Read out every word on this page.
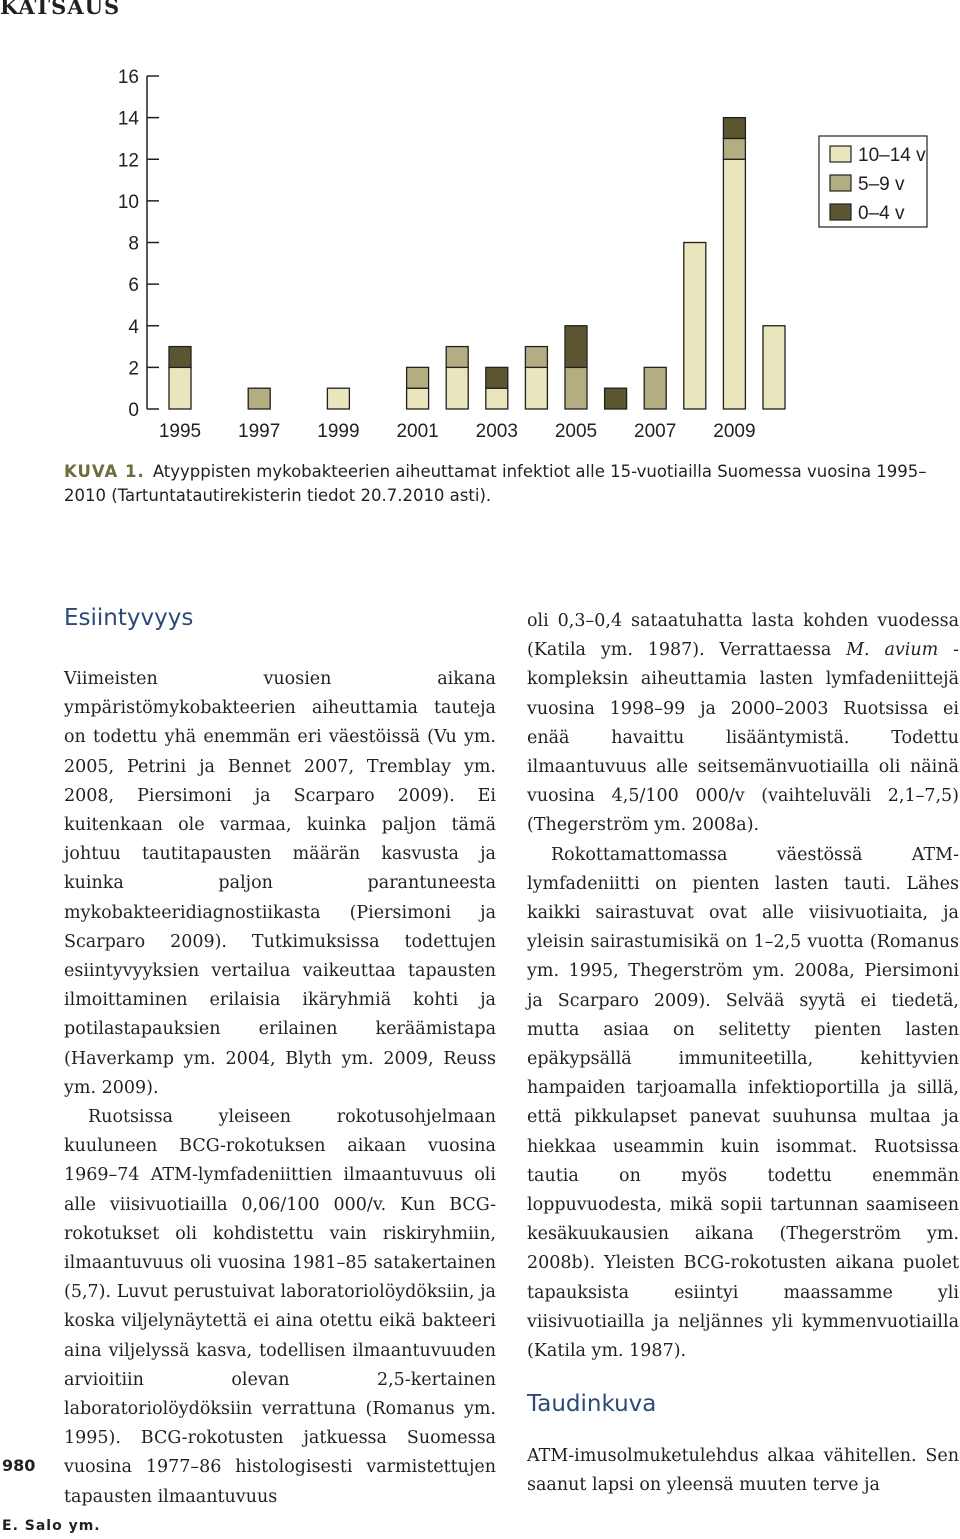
KATSAUS
0
2
4
6
8
10
12
14
16
1995 1997 1999 2001 2003 2005 2007 2009
10–14 v
5–9 v
0–4 v
KUVA 1. Atyyppisten mykobakteerien aiheuttamat infektiot alle 15-vuotiailla Suomessa vuosina 1995–2010 (Tartuntatautirekisterin tiedot 20.7.2010 asti).
Esiintyvyys

Viimeisten vuosien aikana ympäristömykobakteerien aiheuttamia tauteja on todettu yhä enemmän eri väestöissä (Vu ym. 2005, Petrini ja Bennet 2007, Tremblay ym. 2008, Piersimoni ja Scarparo 2009). Ei kuitenkaan ole varmaa, kuinka paljon tämä johtuu tautitapausten määrän kasvusta ja kuinka paljon parantuneesta mykobakteeridiagnostiikasta (Piersimoni ja Scarparo 2009). Tutkimuksissa todettujen esiintyvyyksien vertailua vaikeuttaa tapausten ilmoittaminen erilaisia ikäryhmiä kohti ja potilastapauksien erilainen keräämistapa (Haverkamp ym. 2004, Blyth ym. 2009, Reuss ym. 2009).

Ruotsissa yleiseen rokotusohjelmaan kuuluneen BCG-rokotuksen aikaan vuosina 1969–74 ATM-lymfadeniittien ilmaantuvuus oli alle viisivuotiailla 0,06/100 000/v. Kun BCG-rokotukset oli kohdistettu vain riskiryhmiin, ilmaantuvuus oli vuosina 1981–85 satakertainen (5,7). Luvut perustuivat laboratoriolöydöksiin, ja koska viljelynäytettä ei aina otettu eikä bakteeri aina viljelyssä kasva, todellisen ilmaantuvuuden arvioitiin olevan 2,5-kertainen laboratoriolöydöksiin verrattuna (Romanus ym. 1995). BCG-rokotusten jatkuessa Suomessa vuosina 1977–86 histologisesti varmistettujen tapausten ilmaantuvuus

oli 0,3–0,4 sataatuhatta lasta kohden vuodessa (Katila ym. 1987). Verrattaessa M. avium -kompleksin aiheuttamia lasten lymfadeniittejä vuosina 1998–99 ja 2000–2003 Ruotsissa ei enää havaittu lisääntymistä. Todettu ilmaantuvuus alle seitsemänvuotiailla oli näinä vuosina 4,5/100 000/v (vaihteluväli 2,1–7,5) (Thegerström ym. 2008a).

Rokottamattomassa väestössä ATM-lymfadeniitti on pienten lasten tauti. Lähes kaikki sairastuvat ovat alle viisivuotiaita, ja yleisin sairastumisikä on 1–2,5 vuotta (Romanus ym. 1995, Thegerström ym. 2008a, Piersimoni ja Scarparo 2009). Selvää syytä ei tiedetä, mutta asiaa on selitetty pienten lasten epäkypsällä immuniteetilla, kehittyvien hampaiden tarjoamalla infektioportilla ja sillä, että pikkulapset panevat suuhunsa multaa ja hiekkaa useammin kuin isommat. Ruotsissa tautia on myös todettu enemmän loppuvuodesta, mikä sopii tartunnan saamiseen kesäkuukausien aikana (Thegerström ym. 2008b). Yleisten BCG-rokotusten aikana puolet tapauksista esiintyi maassamme yli viisivuotiailla ja neljännes yli kymmenvuotiailla (Katila ym. 1987).

Taudinkuva

ATM-imusolmuketulehdus alkaa vähitellen. Sen saanut lapsi on yleensä muuten terve ja

980
E. Salo ym.
